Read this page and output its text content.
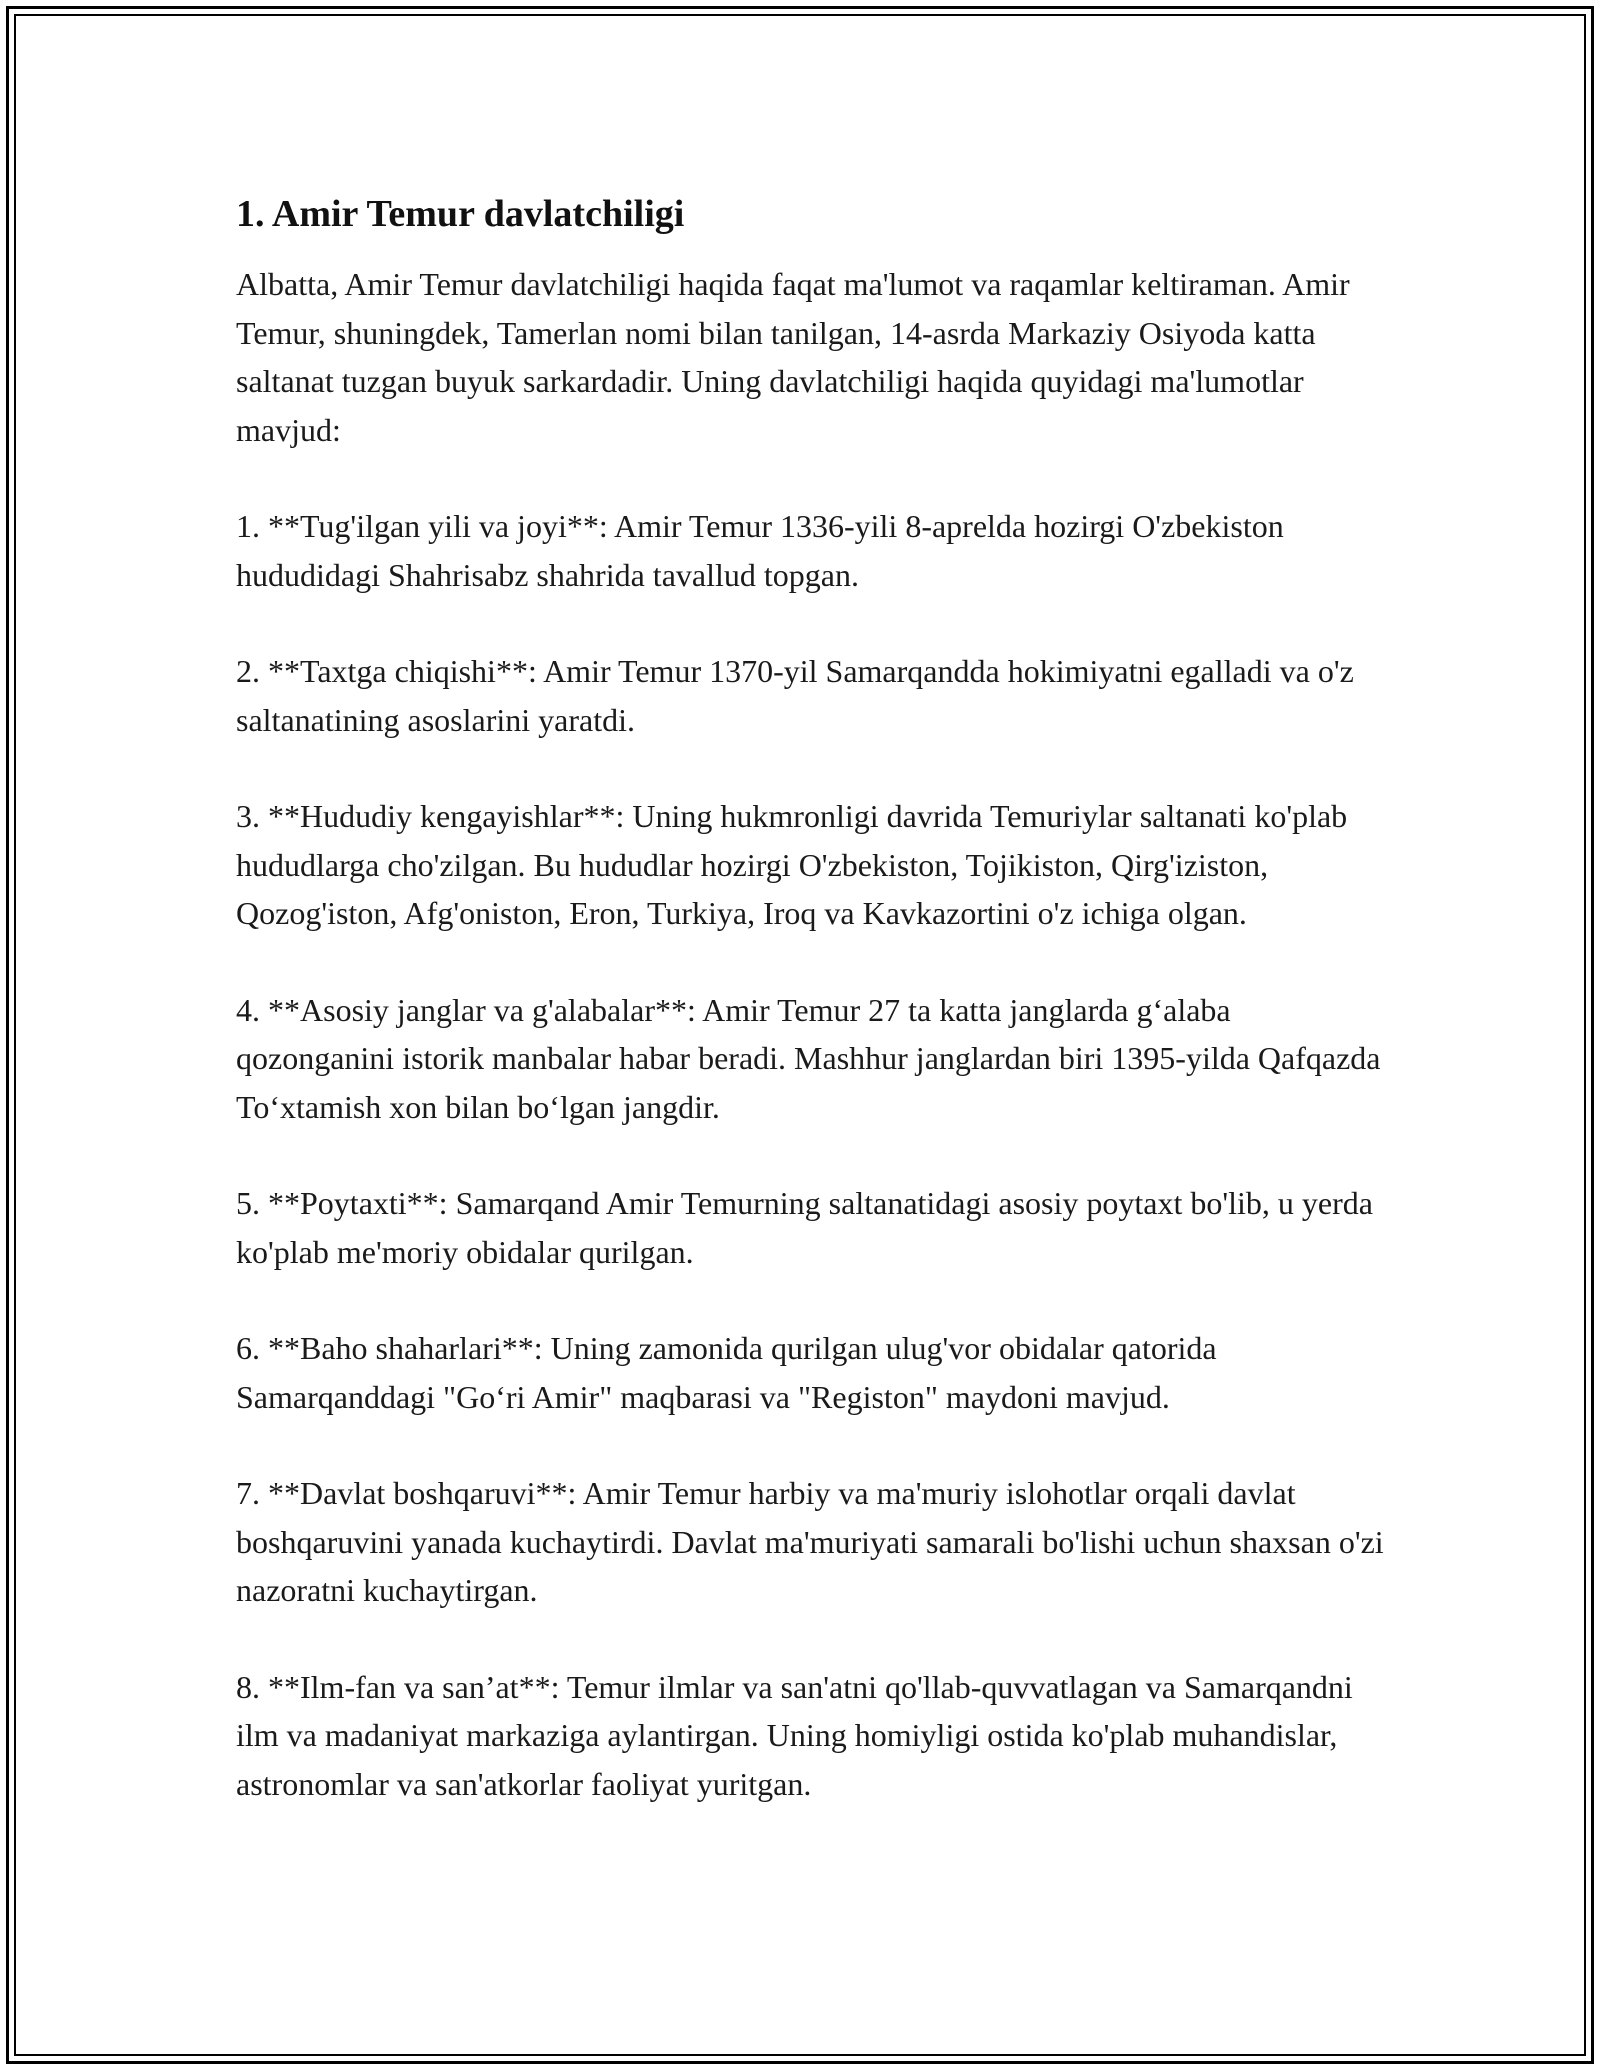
1. Amir Temur davlatchiligi

Albatta, Amir Temur davlatchiligi haqida faqat ma'lumot va raqamlar keltiraman. Amir Temur, shuningdek, Tamerlan nomi bilan tanilgan, 14-asrda Markaziy Osiyoda katta saltanat tuzgan buyuk sarkardadir. Uning davlatchiligi haqida quyidagi ma'lumotlar mavjud:

1. **Tug'ilgan yili va joyi**: Amir Temur 1336-yili 8-aprelda hozirgi O'zbekiston hududidagi Shahrisabz shahrida tavallud topgan.

2. **Taxtga chiqishi**: Amir Temur 1370-yil Samarqandda hokimiyatni egalladi va o'z saltanatining asoslarini yaratdi.

3. **Hududiy kengayishlar**: Uning hukmronligi davrida Temuriylar saltanati ko'plab hududlarga cho'zilgan. Bu hududlar hozirgi O'zbekiston, Tojikiston, Qirg'iziston, Qozog'iston, Afg'oniston, Eron, Turkiya, Iroq va Kavkazortini o'z ichiga olgan.

4. **Asosiy janglar va g'alabalar**: Amir Temur 27 ta katta janglarda g‘alaba qozonganini istorik manbalar habar beradi. Mashhur janglardan biri 1395-yilda Qafqazda To‘xtamish xon bilan bo‘lgan jangdir.

5. **Poytaxti**: Samarqand Amir Temurning saltanatidagi asosiy poytaxt bo'lib, u yerda ko'plab me'moriy obidalar qurilgan.

6. **Baho shaharlari**: Uning zamonida qurilgan ulug'vor obidalar qatorida Samarqanddagi "Go‘ri Amir" maqbarasi va "Registon" maydoni mavjud.

7. **Davlat boshqaruvi**: Amir Temur harbiy va ma'muriy islohotlar orqali davlat boshqaruvini yanada kuchaytirdi. Davlat ma'muriyati samarali bo'lishi uchun shaxsan o'zi nazoratni kuchaytirgan.

8. **Ilm-fan va san’at**: Temur ilmlar va san'atni qo'llab-quvvatlagan va Samarqandni ilm va madaniyat markaziga aylantirgan. Uning homiyligi ostida ko'plab muhandislar, astronomlar va san'atkorlar faoliyat yuritgan.
